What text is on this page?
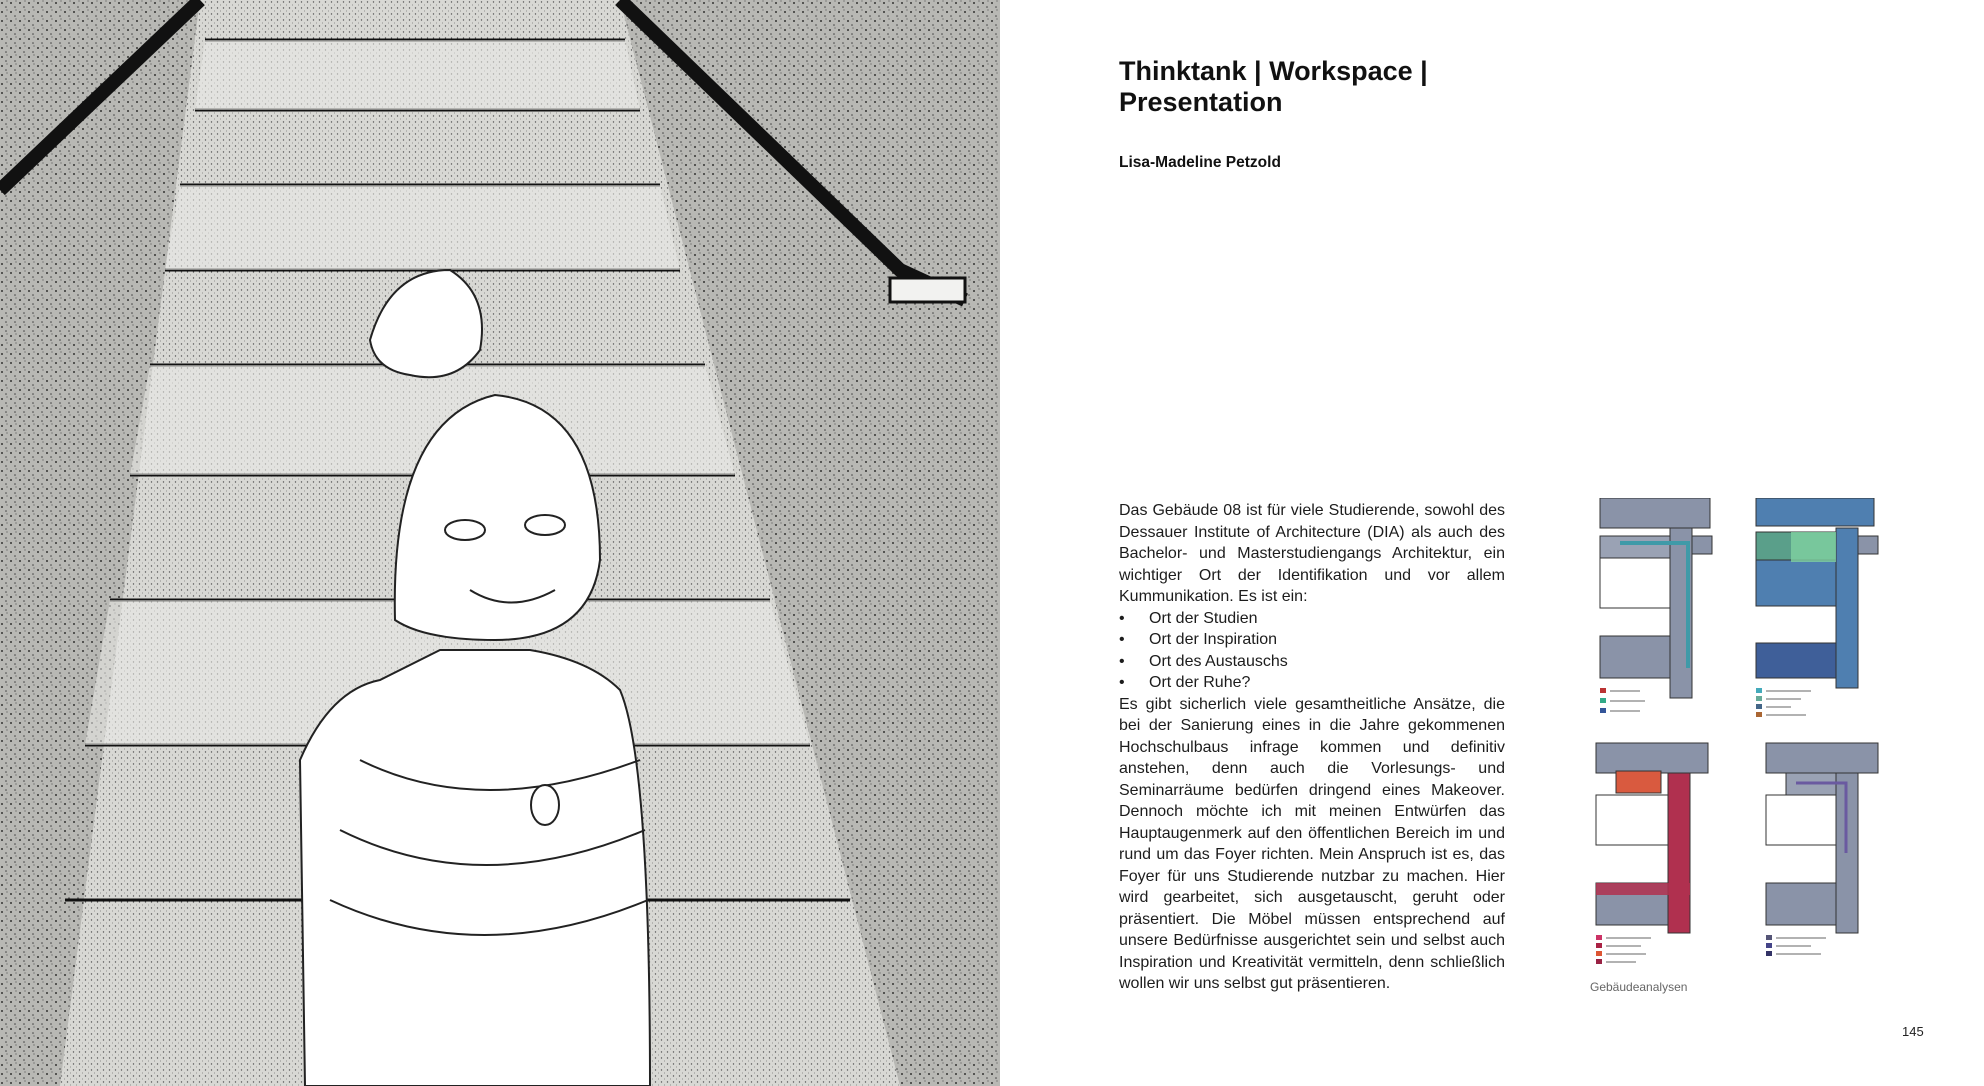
Thinktank | Workspace | Presentation
Lisa-Madeline Petzold

Das Gebäude 08 ist für viele Studierende, sowohl des Dessauer Institute of Architecture (DIA) als auch des Bachelor- und Masterstudiengangs Architektur, ein wichtiger Ort der Identifikation und vor allem Kummunikation. Es ist ein:

• Ort der Studien
• Ort der Inspiration
• Ort des Austauschs
• Ort der Ruhe?

Es gibt sicherlich viele gesamtheitliche Ansätze, die bei der Sanierung eines in die Jahre gekommenen Hochschulbaus infrage kommen und definitiv anstehen, denn auch die Vorlesungs- und Seminarräume bedürfen dringend eines Makeover. Dennoch möchte ich mit meinen Entwürfen das Hauptaugenmerk auf den öffentlichen Bereich im und rund um das Foyer richten. Mein Anspruch ist es, das Foyer für uns Studierende nutzbar zu machen. Hier wird gearbeitet, sich ausgetauscht, geruht oder präsentiert. Die Möbel müssen entsprechend auf unsere Bedürfnisse ausgerichtet sein und selbst auch Inspiration und Kreativität vermitteln, denn schließlich wollen wir uns selbst gut präsentieren.	Gebäudeanalysen
145
